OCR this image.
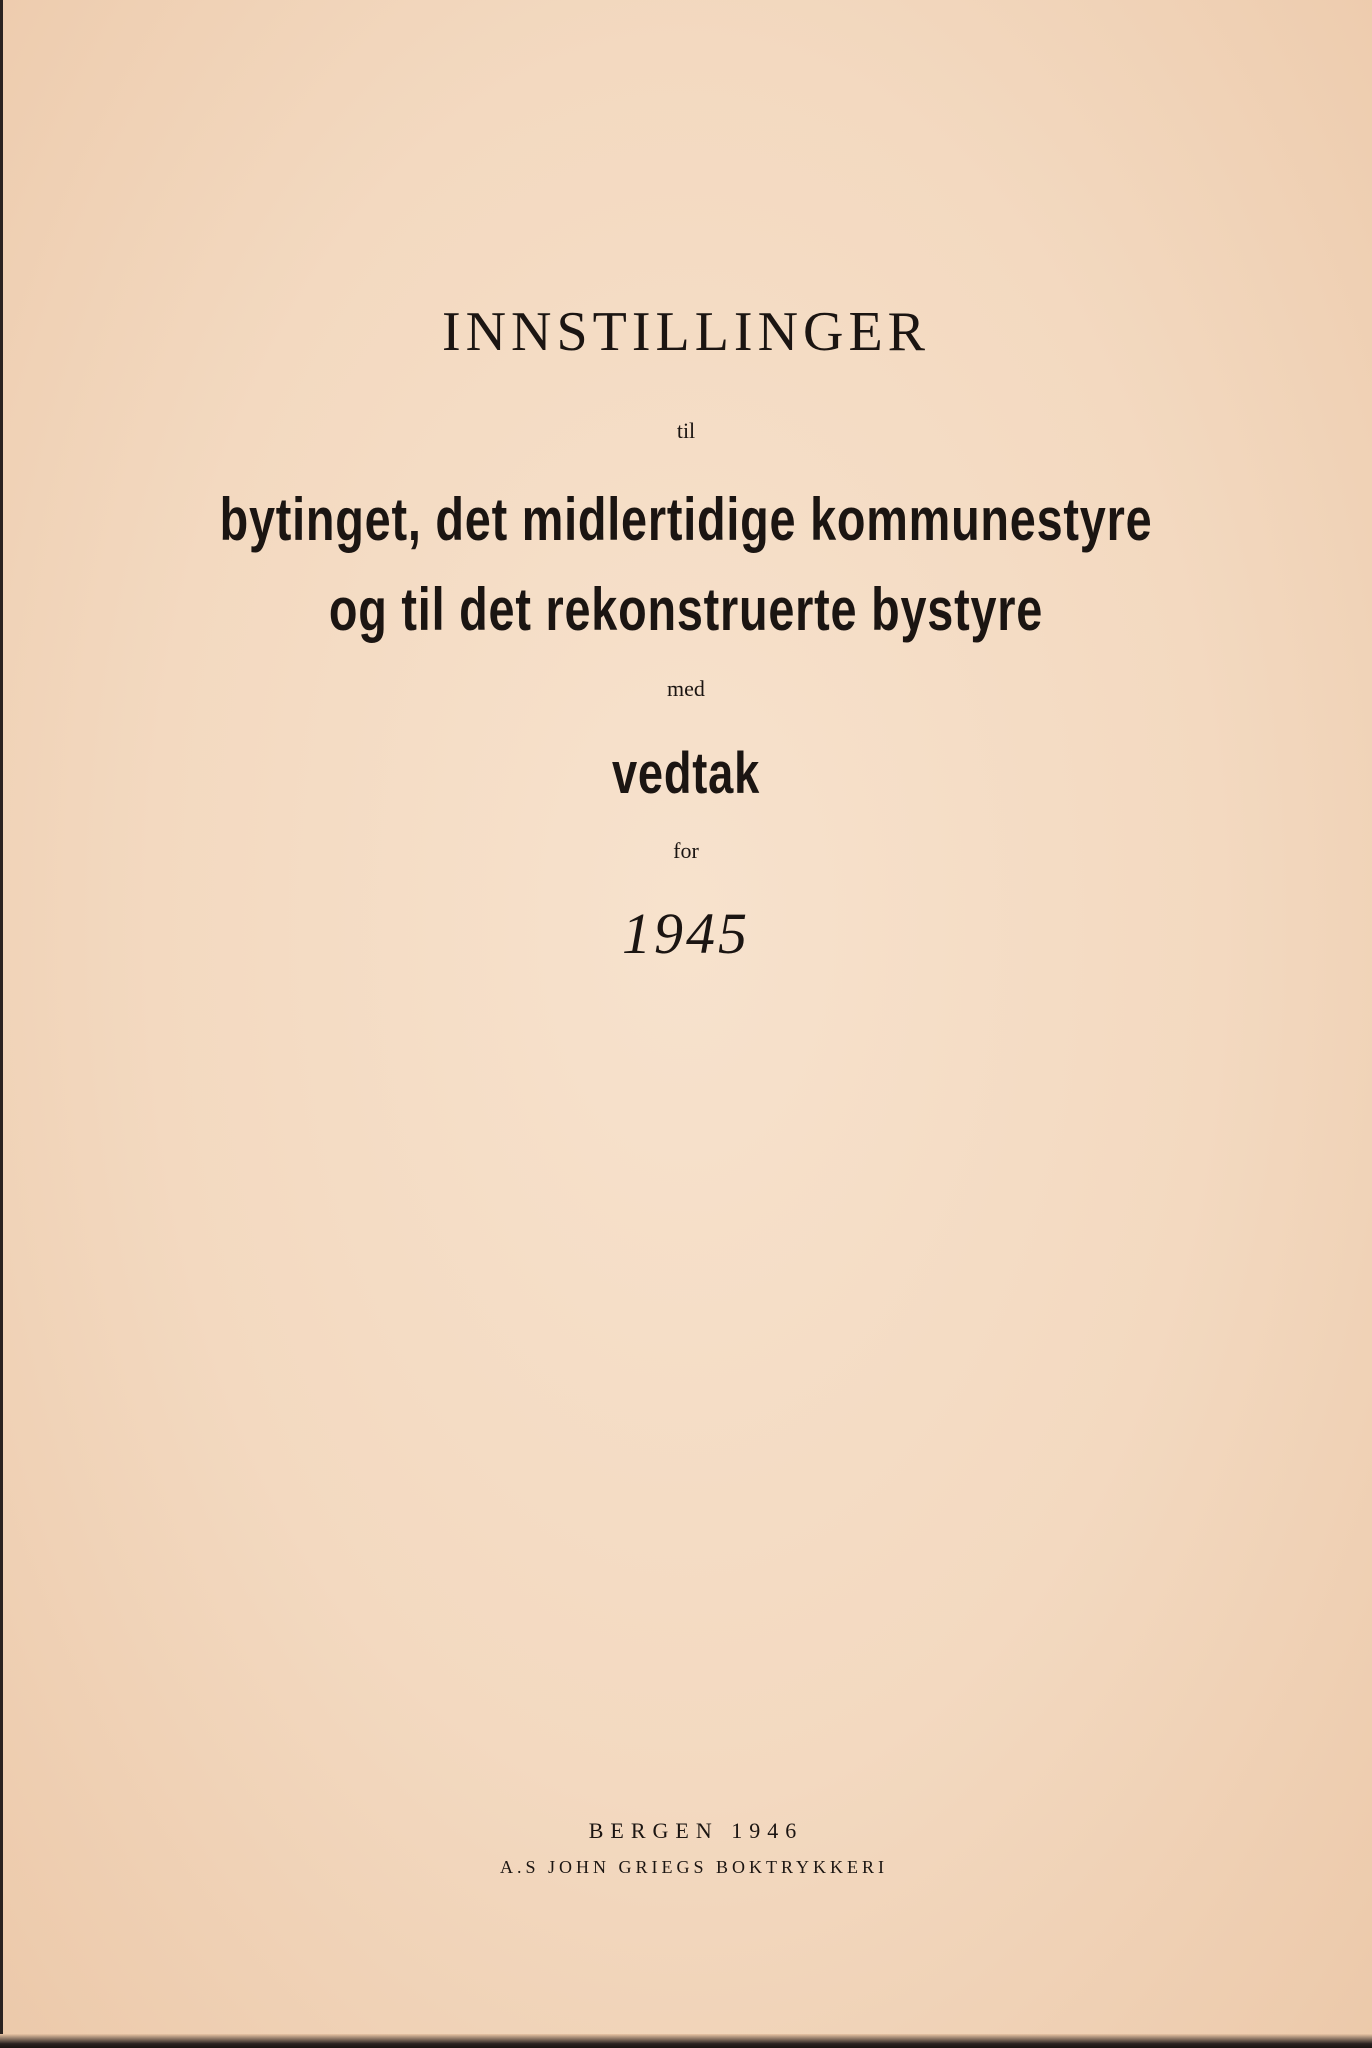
INNSTILLINGER
til
bytinget, det midlertidige kommunestyre
og til det rekonstruerte bystyre
med
vedtak
for
1945
BERGEN 1946
A.S JOHN GRIEGS BOKTRYKKERI
